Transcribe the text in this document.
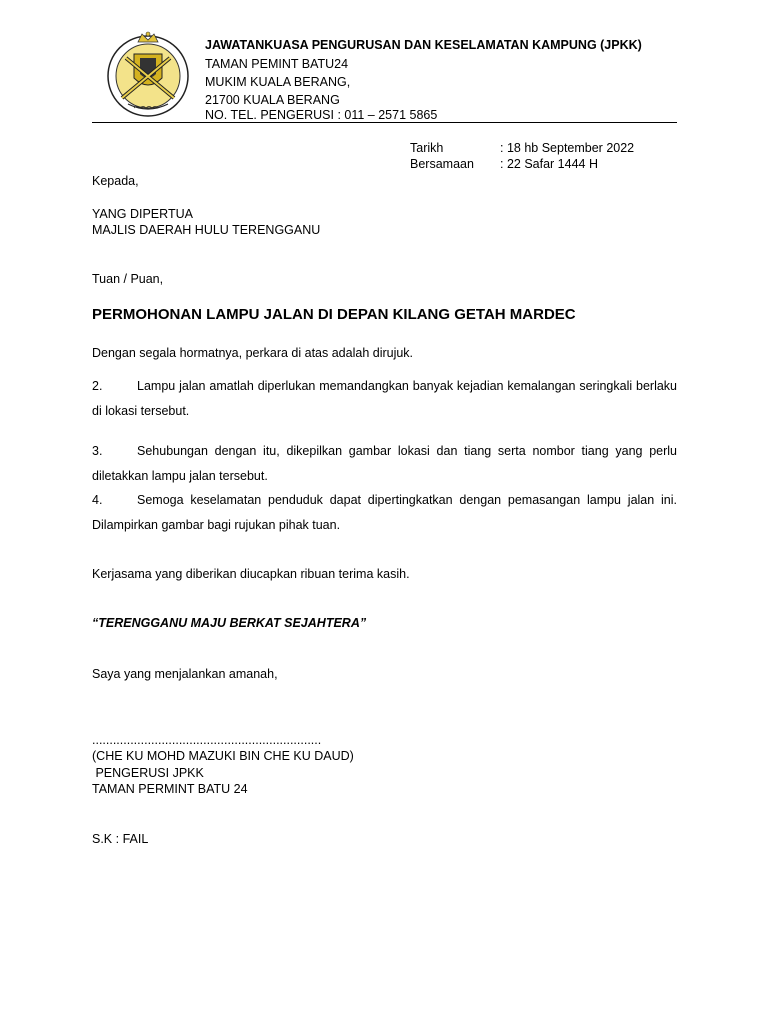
JAWATANKUASA PENGURUSAN DAN KESELAMATAN KAMPUNG (JPKK)
TAMAN PEMINT BATU24
MUKIM KUALA BERANG,
21700 KUALA BERANG
NO. TEL. PENGERUSI : 011 – 2571 5865
Tarikh	: 18 hb September 2022
Bersamaan : 22 Safar 1444 H
Kepada,
YANG DIPERTUA
MAJLIS DAERAH HULU TERENGGANU
Tuan / Puan,
PERMOHONAN LAMPU JALAN DI DEPAN KILANG GETAH MARDEC
Dengan segala hormatnya, perkara di atas adalah dirujuk.
2.	Lampu jalan amatlah diperlukan memandangkan banyak kejadian kemalangan seringkali berlaku di lokasi tersebut.
3.	Sehubungan dengan itu, dikepilkan gambar lokasi dan tiang serta nombor tiang yang perlu diletakkan lampu jalan tersebut.
4.	Semoga keselamatan penduduk dapat dipertingkatkan dengan pemasangan lampu jalan ini. Dilampirkan gambar bagi rujukan pihak tuan.
Kerjasama yang diberikan diucapkan ribuan terima kasih.
“TERENGGANU MAJU BERKAT SEJAHTERA”
Saya yang menjalankan amanah,
..................................................................
(CHE KU MOHD MAZUKI BIN CHE KU DAUD)
PENGERUSI JPKK
TAMAN PERMINT BATU 24
S.K : FAIL
